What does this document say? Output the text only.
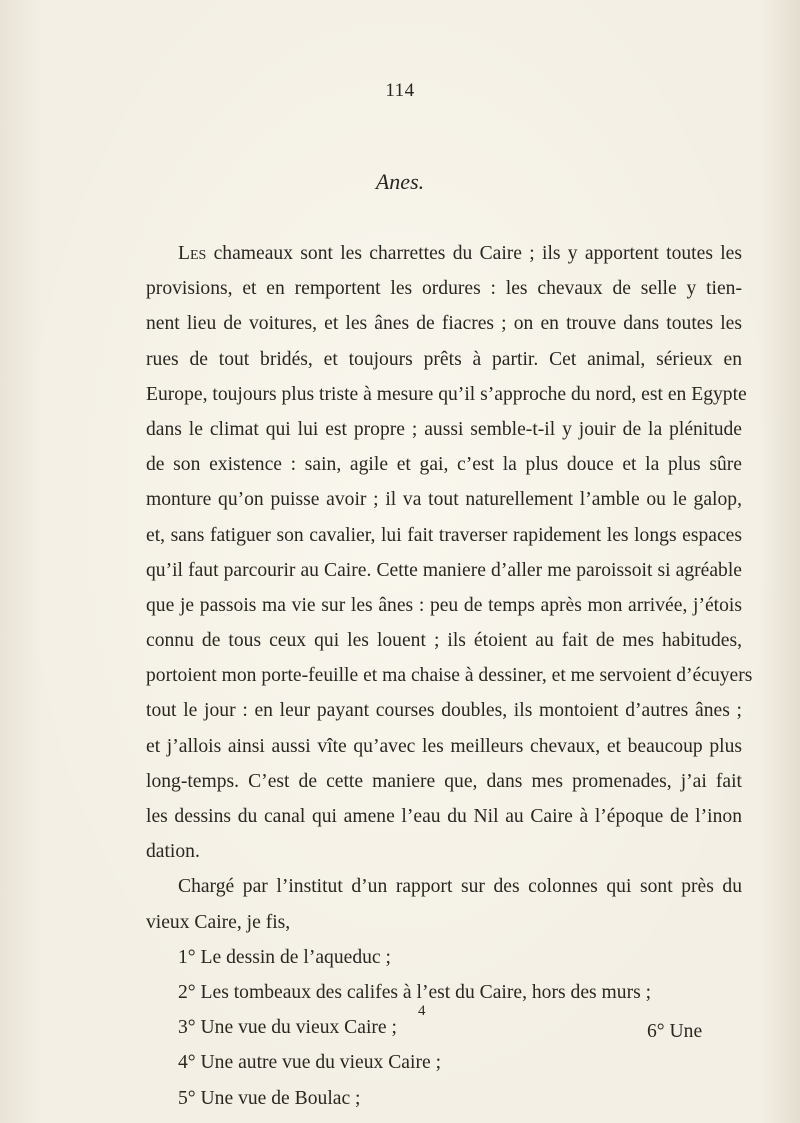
114
Anes.
Les chameaux sont les charrettes du Caire ; ils y apportent toutes les
provisions, et en remportent les ordures : les chevaux de selle y tien-
nent lieu de voitures, et les ânes de fiacres ; on en trouve dans toutes les
rues de tout bridés, et toujours prêts à partir. Cet animal, sérieux en
Europe, toujours plus triste à mesure qu’il s’approche du nord, est en Egypte
dans le climat qui lui est propre ; aussi semble-t-il y jouir de la plénitude
de son existence : sain, agile et gai, c’est la plus douce et la plus sûre
monture qu’on puisse avoir ; il va tout naturellement l’amble ou le galop,
et, sans fatiguer son cavalier, lui fait traverser rapidement les longs espaces
qu’il faut parcourir au Caire. Cette maniere d’aller me paroissoit si agréable
que je passois ma vie sur les ânes : peu de temps après mon arrivée, j’étois
connu de tous ceux qui les louent ; ils étoient au fait de mes habitudes,
portoient mon porte-feuille et ma chaise à dessiner, et me servoient d’écuyers
tout le jour : en leur payant courses doubles, ils montoient d’autres ânes ;
et j’allois ainsi aussi vîte qu’avec les meilleurs chevaux, et beaucoup plus
long-temps. C’est de cette maniere que, dans mes promenades, j’ai fait
les dessins du canal qui amene l’eau du Nil au Caire à l’époque de l’inon
dation.
Chargé par l’institut d’un rapport sur des colonnes qui sont près du
vieux Caire, je fis,
1° Le dessin de l’aqueduc ;
2° Les tombeaux des califes à l’est du Caire, hors des murs ;
3° Une vue du vieux Caire ;
4° Une autre vue du vieux Caire ;
5° Une vue de Boulac ;
4
6° Une
